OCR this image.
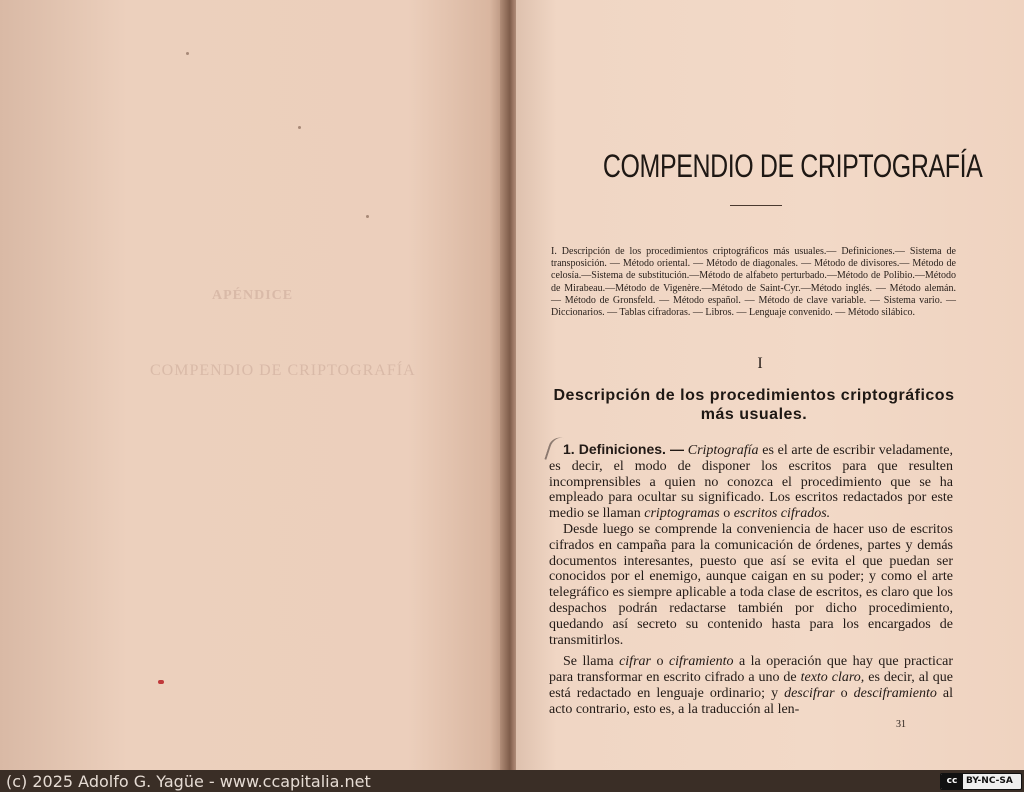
APÉNDICE
COMPENDIO DE CRIPTOGRAFÍA
COMPENDIO DE CRIPTOGRAFÍA
I. Descripción de los procedimientos criptográficos más usuales.— Definiciones.— Sistema de transposición. — Método oriental. — Método de diagonales. — Método de divisores.— Método de celosía.—Sistema de substitución.—Método de alfabeto perturbado.—Método de Polibio.—Método de Mirabeau.—Método de Vigenère.—Método de Saint-Cyr.—Método inglés. — Método alemán. — Método de Gronsfeld. — Método español. — Método de clave variable. — Sistema vario. — Diccionarios. — Tablas cifradoras. — Libros. — Lenguaje convenido. — Método silábico.
I
Descripción de los procedimientos criptográficos
más usuales.

1. Definiciones. — Criptografía es el arte de escribir veladamente, es decir, el modo de disponer los escritos para que resulten incomprensibles a quien no conozca el procedimiento que se ha empleado para ocultar su significado. Los escritos redactados por este medio se llaman criptogramas o escritos cifrados.

Desde luego se comprende la conveniencia de hacer uso de escritos cifrados en campaña para la comunicación de órdenes, partes y demás documentos interesantes, puesto que así se evita el que puedan ser conocidos por el enemigo, aunque caigan en su poder; y como el arte telegráfico es siempre aplicable a toda clase de escritos, es claro que los despachos podrán redactarse también por dicho procedimiento, quedando así secreto su contenido hasta para los encargados de transmitirlos.

Se llama cifrar o ciframiento a la operación que hay que practicar para transformar en escrito cifrado a uno de texto claro, es decir, al que está redactado en lenguaje ordinario; y descifrar o desciframiento al acto contrario, esto es, a la traducción al len-

31
(c) 2025 Adolfo G. Yagüe - www.ccapitalia.net	cc BY-NC-SA
